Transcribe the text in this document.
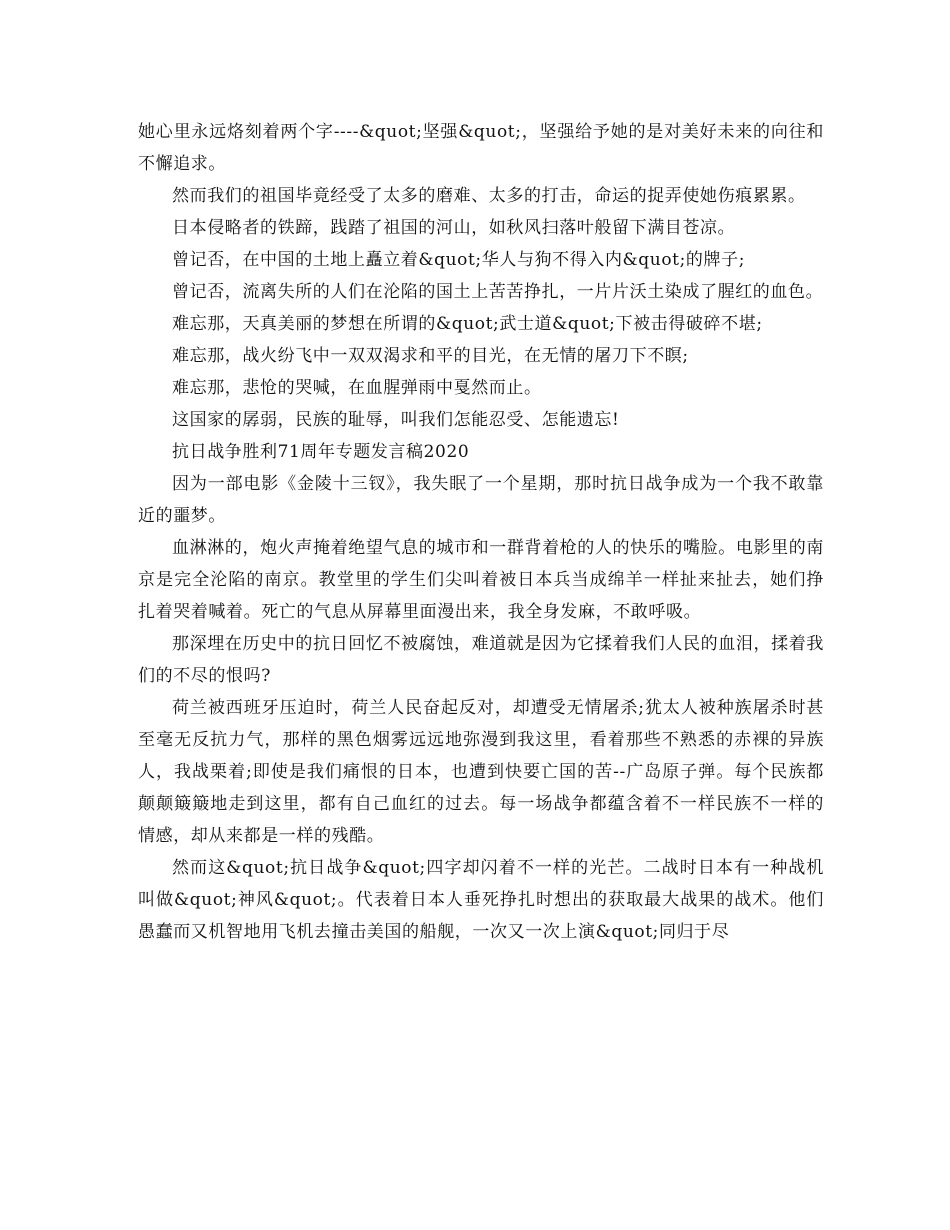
她心里永远烙刻着两个字----&quot;坚强&quot;，坚强给予她的是对美好未来的向往和不懈追求。

然而我们的祖国毕竟经受了太多的磨难、太多的打击，命运的捉弄使她伤痕累累。

日本侵略者的铁蹄，践踏了祖国的河山，如秋风扫落叶般留下满目苍凉。

曾记否，在中国的土地上矗立着&quot;华人与狗不得入内&quot;的牌子;

曾记否，流离失所的人们在沦陷的国土上苦苦挣扎，一片片沃土染成了腥红的血色。

难忘那，天真美丽的梦想在所谓的&quot;武士道&quot;下被击得破碎不堪;

难忘那，战火纷飞中一双双渴求和平的目光，在无情的屠刀下不瞑;

难忘那，悲怆的哭喊，在血腥弹雨中戛然而止。

这国家的孱弱，民族的耻辱，叫我们怎能忍受、怎能遗忘!

抗日战争胜利71周年专题发言稿2020

因为一部电影《金陵十三钗》，我失眠了一个星期，那时抗日战争成为一个我不敢靠近的噩梦。

血淋淋的，炮火声掩着绝望气息的城市和一群背着枪的人的快乐的嘴脸。电影里的南京是完全沦陷的南京。教堂里的学生们尖叫着被日本兵当成绵羊一样扯来扯去，她们挣扎着哭着喊着。死亡的气息从屏幕里面漫出来，我全身发麻，不敢呼吸。

那深埋在历史中的抗日回忆不被腐蚀，难道就是因为它揉着我们人民的血泪，揉着我们的不尽的恨吗?

荷兰被西班牙压迫时，荷兰人民奋起反对，却遭受无情屠杀;犹太人被种族屠杀时甚至毫无反抗力气，那样的黑色烟雾远远地弥漫到我这里，看着那些不熟悉的赤裸的异族人，我战栗着;即使是我们痛恨的日本，也遭到快要亡国的苦--广岛原子弹。每个民族都颠颠簸簸地走到这里，都有自己血红的过去。每一场战争都蕴含着不一样民族不一样的情感，却从来都是一样的残酷。

然而这&quot;抗日战争&quot;四字却闪着不一样的光芒。二战时日本有一种战机叫做&quot;神风&quot;。代表着日本人垂死挣扎时想出的获取最大战果的战术。他们愚蠢而又机智地用飞机去撞击美国的船舰，一次又一次上演&quot;同归于尽
